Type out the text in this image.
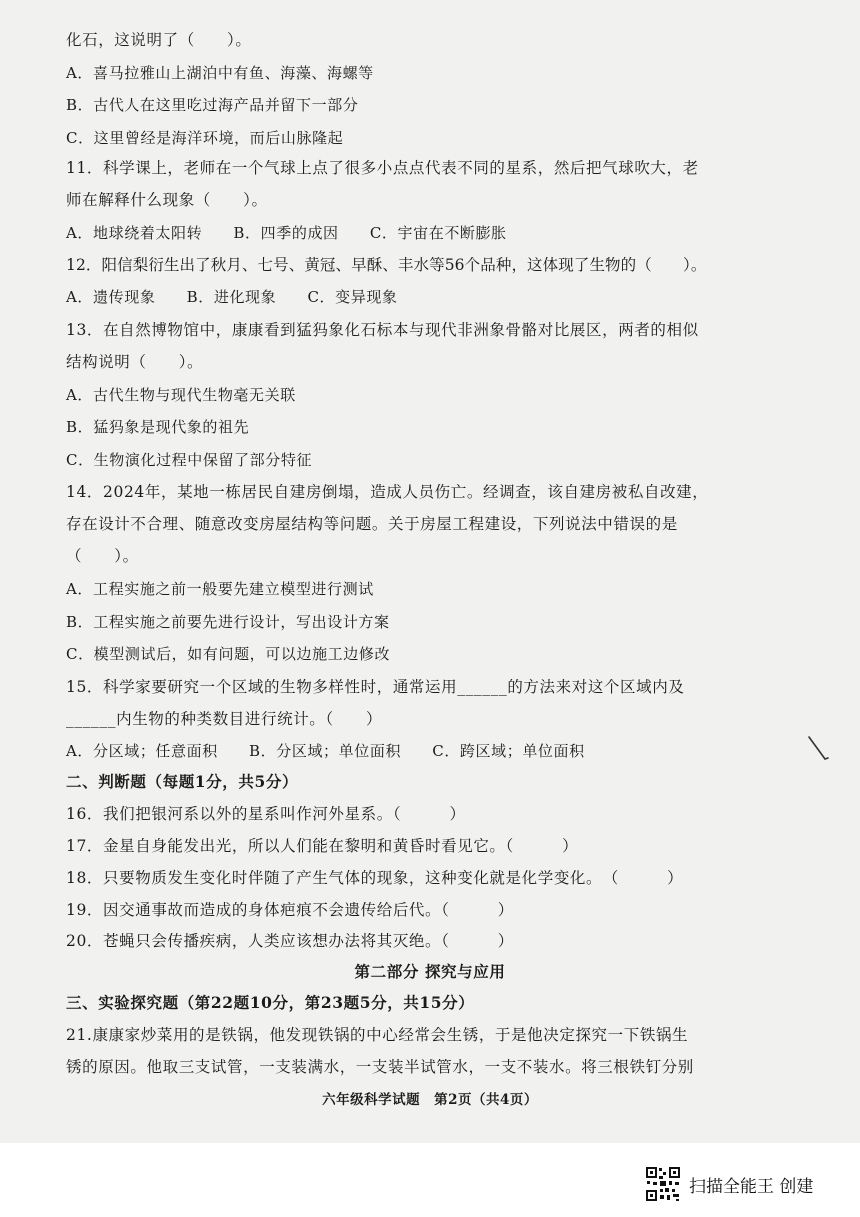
化石，这说明了（　　）。
A．喜马拉雅山上湖泊中有鱼、海藻、海螺等
B．古代人在这里吃过海产品并留下一部分
C．这里曾经是海洋环境，而后山脉隆起
11．科学课上，老师在一个气球上点了很多小点点代表不同的星系，然后把气球吹大，老
师在解释什么现象（　　）。
A．地球绕着太阳转　　B．四季的成因　　C．宇宙在不断膨胀
12．阳信梨衍生出了秋月、七号、黄冠、早酥、丰水等56个品种，这体现了生物的（　　）。
A．遗传现象　　B．进化现象　　C．变异现象
13．在自然博物馆中，康康看到猛犸象化石标本与现代非洲象骨骼对比展区，两者的相似
结构说明（　　）。
A．古代生物与现代生物毫无关联
B．猛犸象是现代象的祖先
C．生物演化过程中保留了部分特征
14．2024年，某地一栋居民自建房倒塌，造成人员伤亡。经调查，该自建房被私自改建，
存在设计不合理、随意改变房屋结构等问题。关于房屋工程建设，下列说法中错误的是
（　　）。
A．工程实施之前一般要先建立模型进行测试
B．工程实施之前要先进行设计，写出设计方案
C．模型测试后，如有问题，可以边施工边修改
15．科学家要研究一个区域的生物多样性时，通常运用______的方法来对这个区域内及
______内生物的种类数目进行统计。（　　）
A．分区域；任意面积　　B．分区域；单位面积　　C．跨区域；单位面积
二、判断题（每题1分，共5分）
16．我们把银河系以外的星系叫作河外星系。（　　　）
17．金星自身能发出光，所以人们能在黎明和黄昏时看见它。（　　　）
18．只要物质发生变化时伴随了产生气体的现象，这种变化就是化学变化。　（　　　）
19．因交通事故而造成的身体疤痕不会遗传给后代。（　　　）
20．苍蝇只会传播疾病，人类应该想办法将其灭绝。（　　　）
第二部分 探究与应用
三、实验探究题（第22题10分，第23题5分，共15分）
21.康康家炒菜用的是铁锅，他发现铁锅的中心经常会生锈，于是他决定探究一下铁锅生
锈的原因。他取三支试管，一支装满水，一支装半试管水，一支不装水。将三根铁钉分别
六年级科学试题　第2页（共4页）
扫描全能王 创建
